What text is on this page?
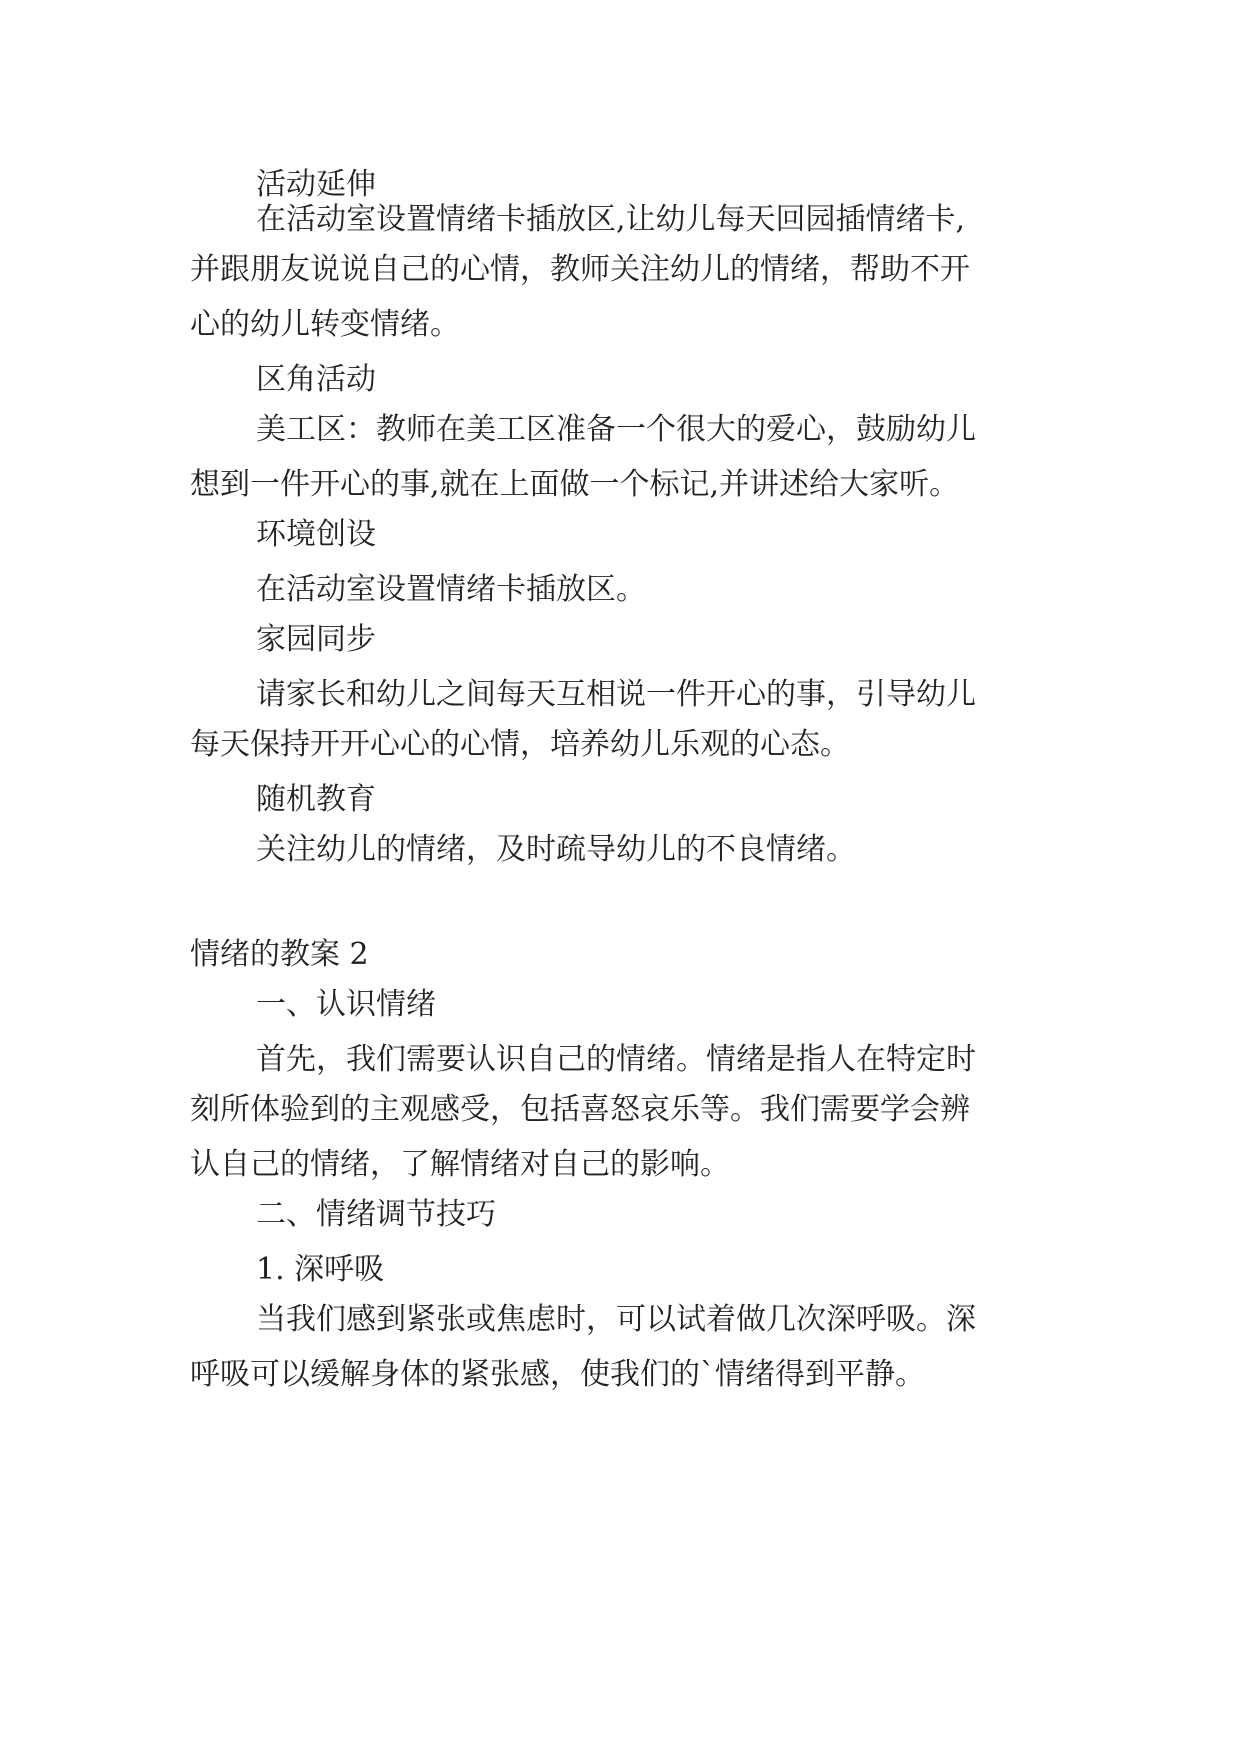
活动延伸
在活动室设置情绪卡插放区,让幼儿每天回园插情绪卡,
并跟朋友说说自己的心情，教师关注幼儿的情绪，帮助不开
心的幼儿转变情绪。
区角活动
美工区：教师在美工区准备一个很大的爱心，鼓励幼儿
想到一件开心的事,就在上面做一个标记,并讲述给大家听。
环境创设
在活动室设置情绪卡插放区。
家园同步
请家长和幼儿之间每天互相说一件开心的事，引导幼儿
每天保持开开心心的心情，培养幼儿乐观的心态。
随机教育
关注幼儿的情绪，及时疏导幼儿的不良情绪。
情绪的教案 2
一、认识情绪
首先，我们需要认识自己的情绪。情绪是指人在特定时
刻所体验到的主观感受，包括喜怒哀乐等。我们需要学会辨
认自己的情绪，了解情绪对自己的影响。
二、情绪调节技巧
1. 深呼吸
当我们感到紧张或焦虑时，可以试着做几次深呼吸。深
呼吸可以缓解身体的紧张感，使我们的`情绪得到平静。
